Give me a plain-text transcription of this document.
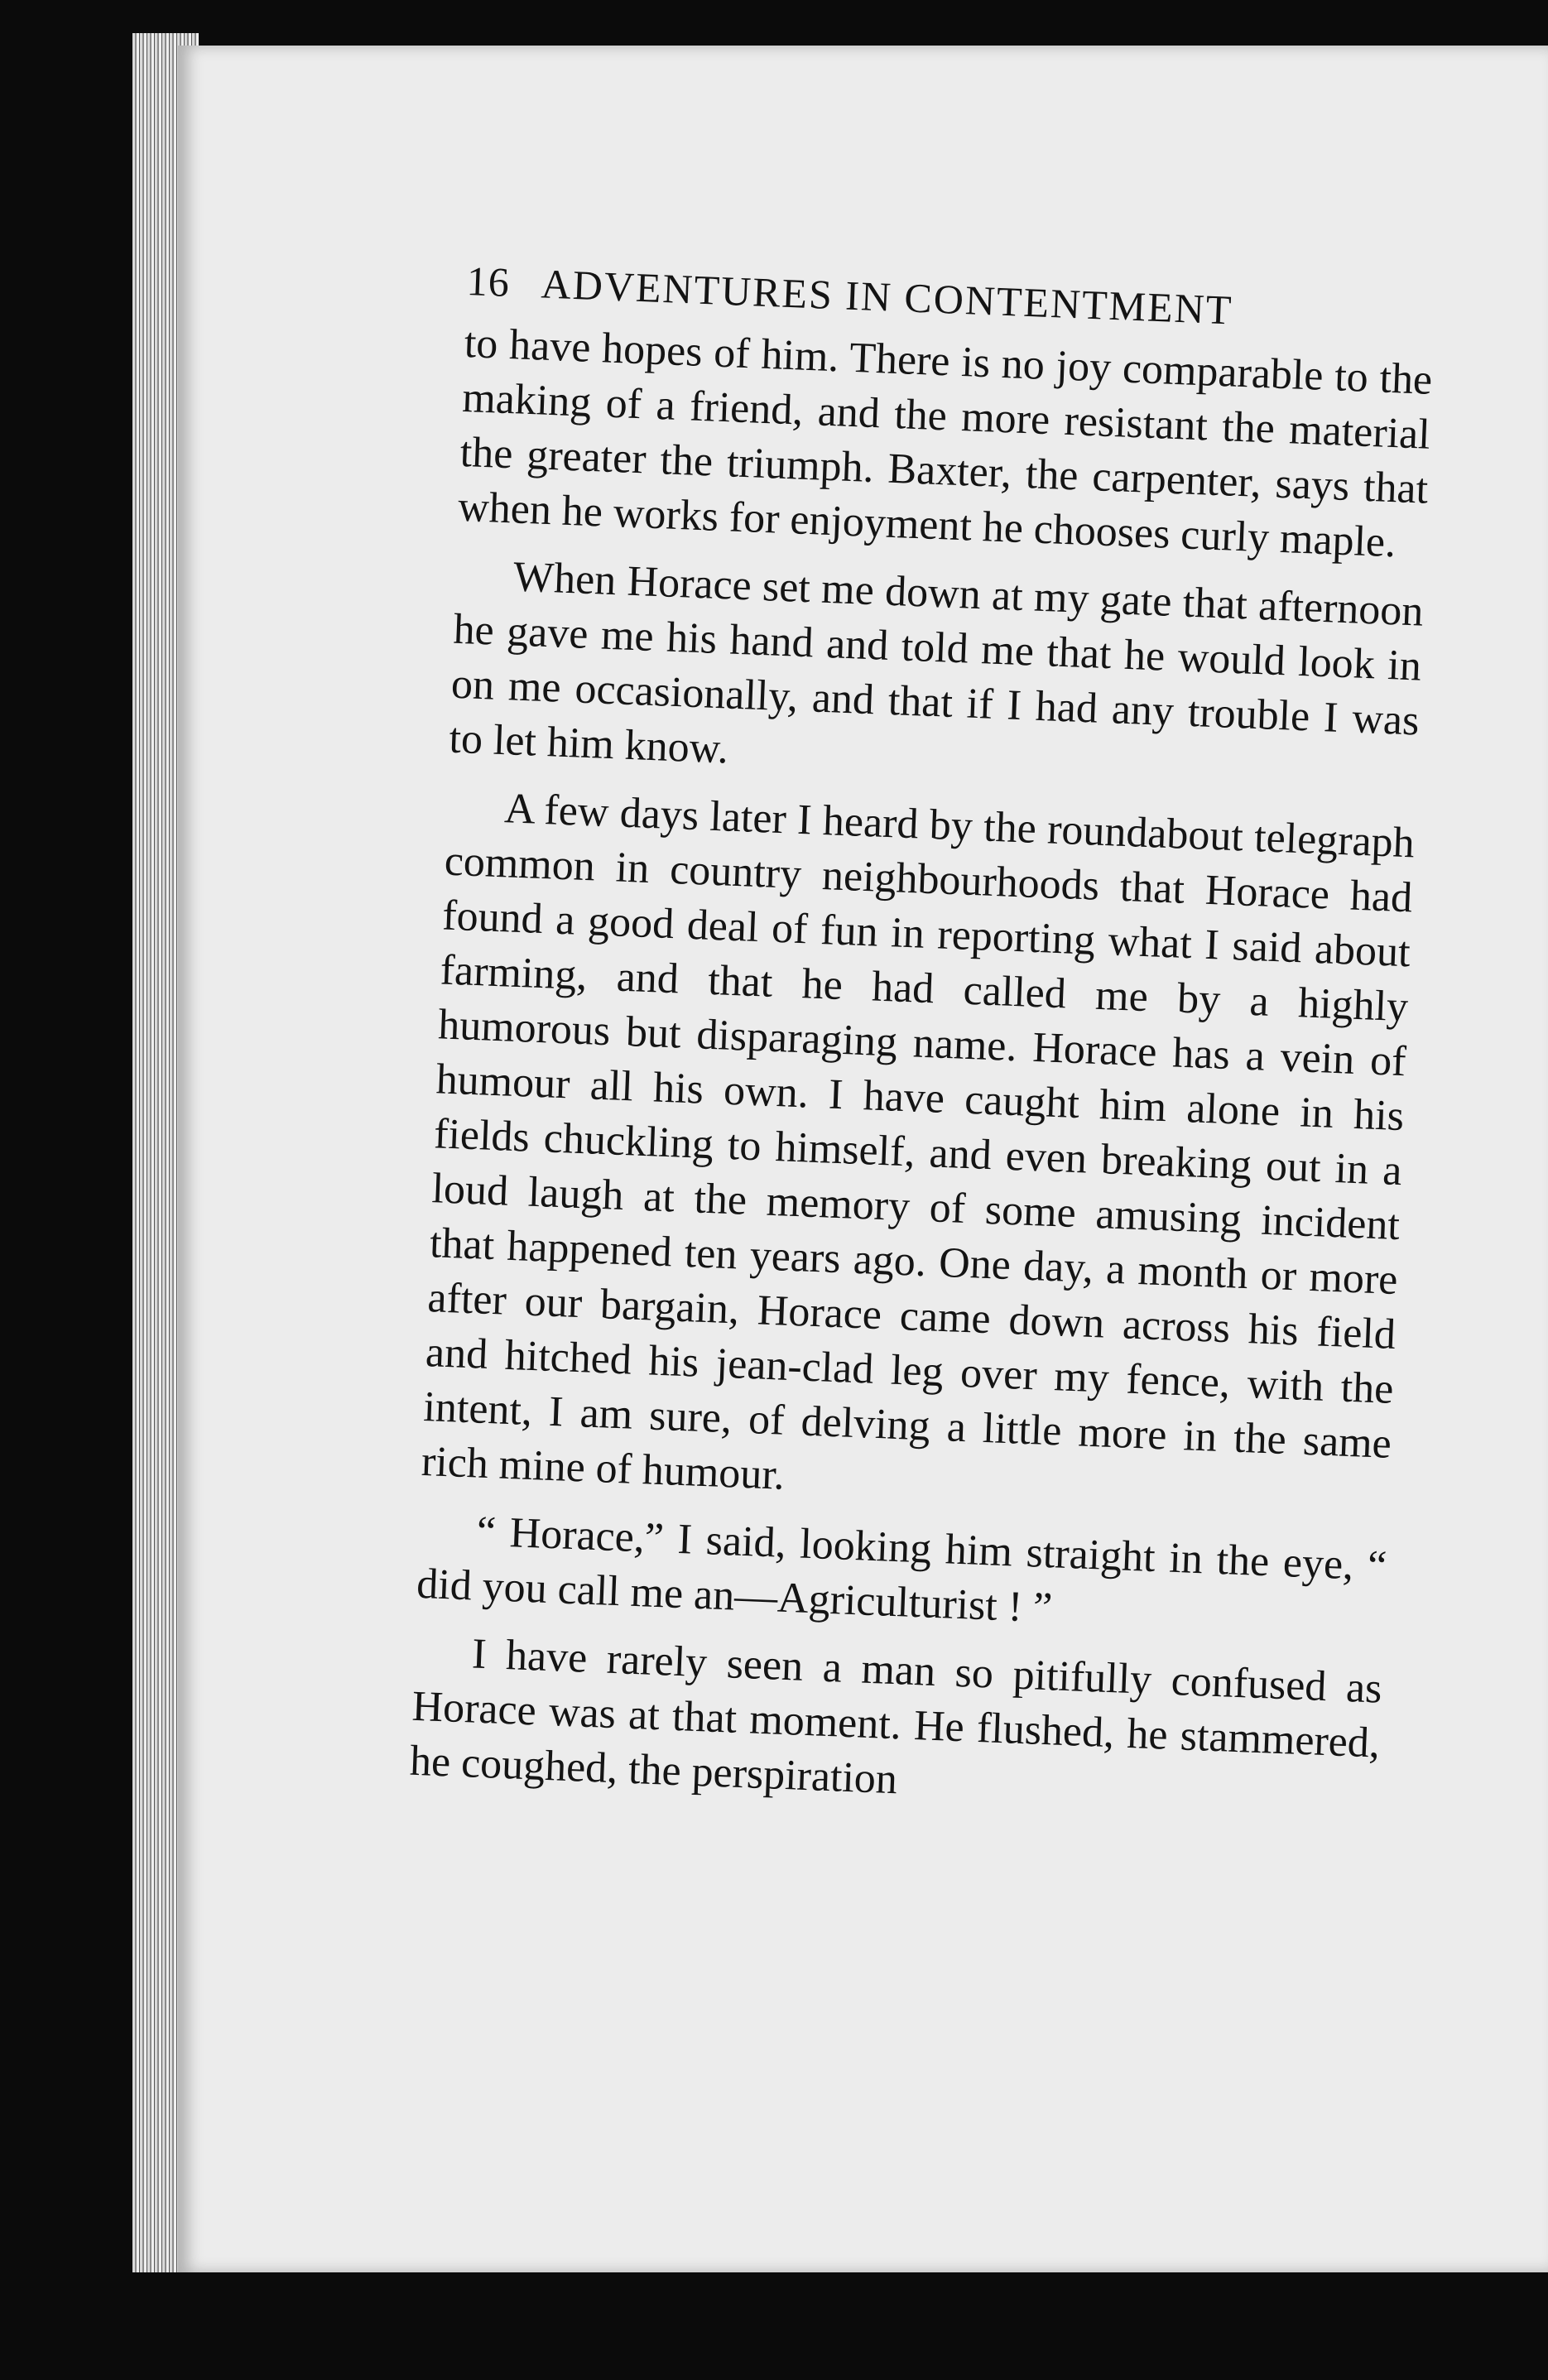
16 ADVENTURES IN CONTENTMENT

to have hopes of him. There is no joy comparable to the making of a friend, and the more resistant the material the greater the triumph. Baxter, the carpenter, says that when he works for enjoyment he chooses curly maple.

When Horace set me down at my gate that afternoon he gave me his hand and told me that he would look in on me occasionally, and that if I had any trouble I was to let him know.

A few days later I heard by the roundabout telegraph common in country neighbourhoods that Horace had found a good deal of fun in reporting what I said about farming, and that he had called me by a highly humorous but disparaging name. Horace has a vein of humour all his own. I have caught him alone in his fields chuckling to himself, and even breaking out in a loud laugh at the memory of some amusing incident that happened ten years ago. One day, a month or more after our bargain, Horace came down across his field and hitched his jean-clad leg over my fence, with the intent, I am sure, of delving a little more in the same rich mine of humour.

“ Horace,” I said, looking him straight in the eye, “ did you call me an—Agriculturist ! ”

I have rarely seen a man so pitifully confused as Horace was at that moment. He flushed, he stammered, he coughed, the perspiration
